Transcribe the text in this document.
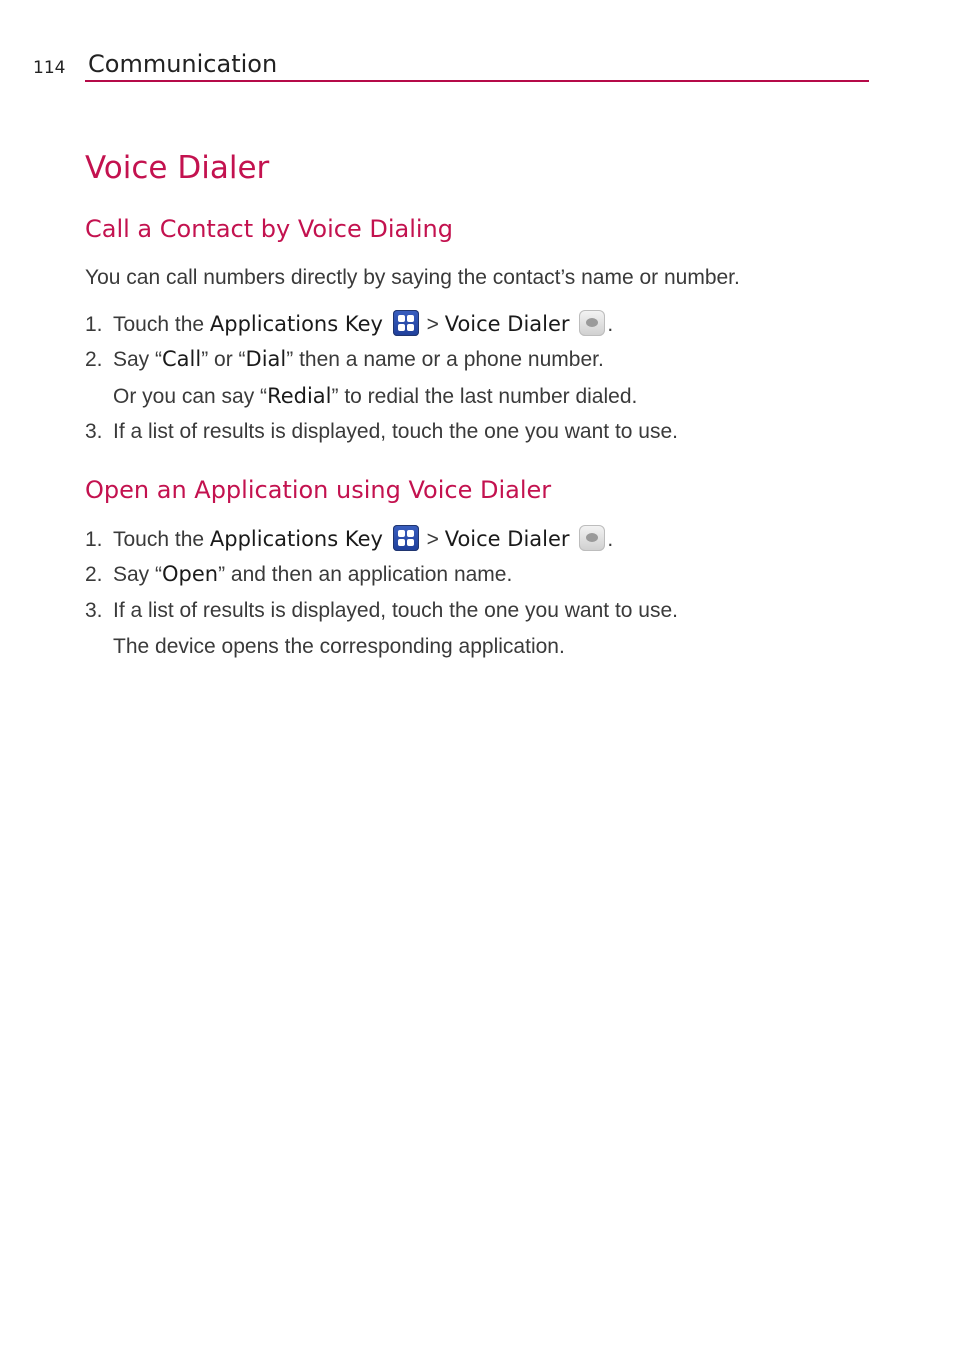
114 Communication
Voice Dialer
Call a Contact by Voice Dialing
You can call numbers directly by saying the contact’s name or number.
1. Touch the Applications Key
> Voice Dialer .
2. Say “Call” or “Dial” then a name or a phone number.
Or you can say “Redial” to redial the last number dialed.
3. If a list of results is displayed, touch the one you want to use.
Open an Application using Voice Dialer
1. Touch the Applications Key
> Voice Dialer .
2. Say “Open” and then an application name.
3. If a list of results is displayed, touch the one you want to use.
The device opens the corresponding application.
